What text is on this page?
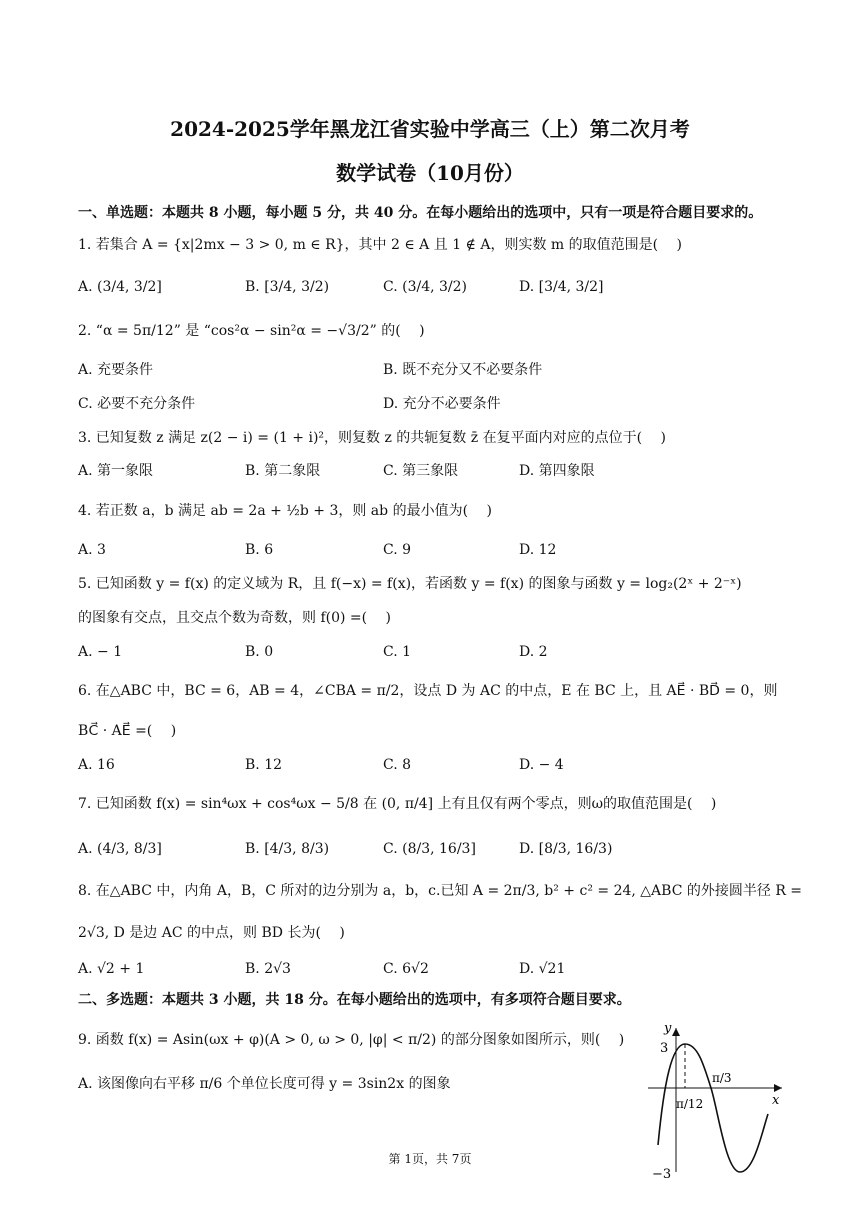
2024-2025学年黑龙江省实验中学高三（上）第二次月考
数学试卷（10月份）
一、单选题：本题共 8 小题，每小题 5 分，共 40 分。在每小题给出的选项中，只有一项是符合题目要求的。
1. 若集合 A = {x|2mx − 3 > 0, m ∈ R}，其中 2 ∈ A 且 1 ∉ A，则实数 m 的取值范围是(　 )
A. (3/4, 3/2]	B. [3/4, 3/2)	C. (3/4, 3/2)	D. [3/4, 3/2]
2. “α = 5π/12” 是 “cos²α − sin²α = −√3/2” 的(　 )
A. 充要条件	B. 既不充分又不必要条件
C. 必要不充分条件	D. 充分不必要条件
3. 已知复数 z 满足 z(2 − i) = (1 + i)²，则复数 z 的共轭复数 z̄ 在复平面内对应的点位于(　 )
A. 第一象限	B. 第二象限	C. 第三象限	D. 第四象限
4. 若正数 a，b 满足 ab = 2a + ½b + 3，则 ab 的最小值为(　 )
A. 3	B. 6	C. 9	D. 12
5. 已知函数 y = f(x) 的定义域为 R，且 f(−x) = f(x)，若函数 y = f(x) 的图象与函数 y = log₂(2ˣ + 2⁻ˣ)
的图象有交点，且交点个数为奇数，则 f(0) =(　 )
A. − 1	B. 0	C. 1	D. 2
6. 在△ABC 中，BC = 6，AB = 4，∠CBA = π/2，设点 D 为 AC 的中点，E 在 BC 上，且 AE⃗ · BD⃗ = 0，则
BC⃗ · AE⃗ =(　 )
A. 16	B. 12	C. 8	D. − 4
7. 已知函数 f(x) = sin⁴ωx + cos⁴ωx − 5/8 在 (0, π/4] 上有且仅有两个零点，则ω的取值范围是(　 )
A. (4/3, 8/3]	B. [4/3, 8/3)	C. (8/3, 16/3]	D. [8/3, 16/3)
8. 在△ABC 中，内角 A，B，C 所对的边分别为 a，b，c.已知 A = 2π/3, b² + c² = 24, △ABC 的外接圆半径 R =
2√3, D 是边 AC 的中点，则 BD 长为(　 )
A. √2 + 1	B. 2√3	C. 6√2	D. √21
二、多选题：本题共 3 小题，共 18 分。在每小题给出的选项中，有多项符合题目要求。
9. 函数 f(x) = Asin(ωx + φ)(A > 0, ω > 0, |φ| < π/2) 的部分图象如图所示，则(　 )
A. 该图像向右平移 π/6 个单位长度可得 y = 3sin2x 的图象
y
x
3
−3
π/12
π/3
第 1页，共 7页
